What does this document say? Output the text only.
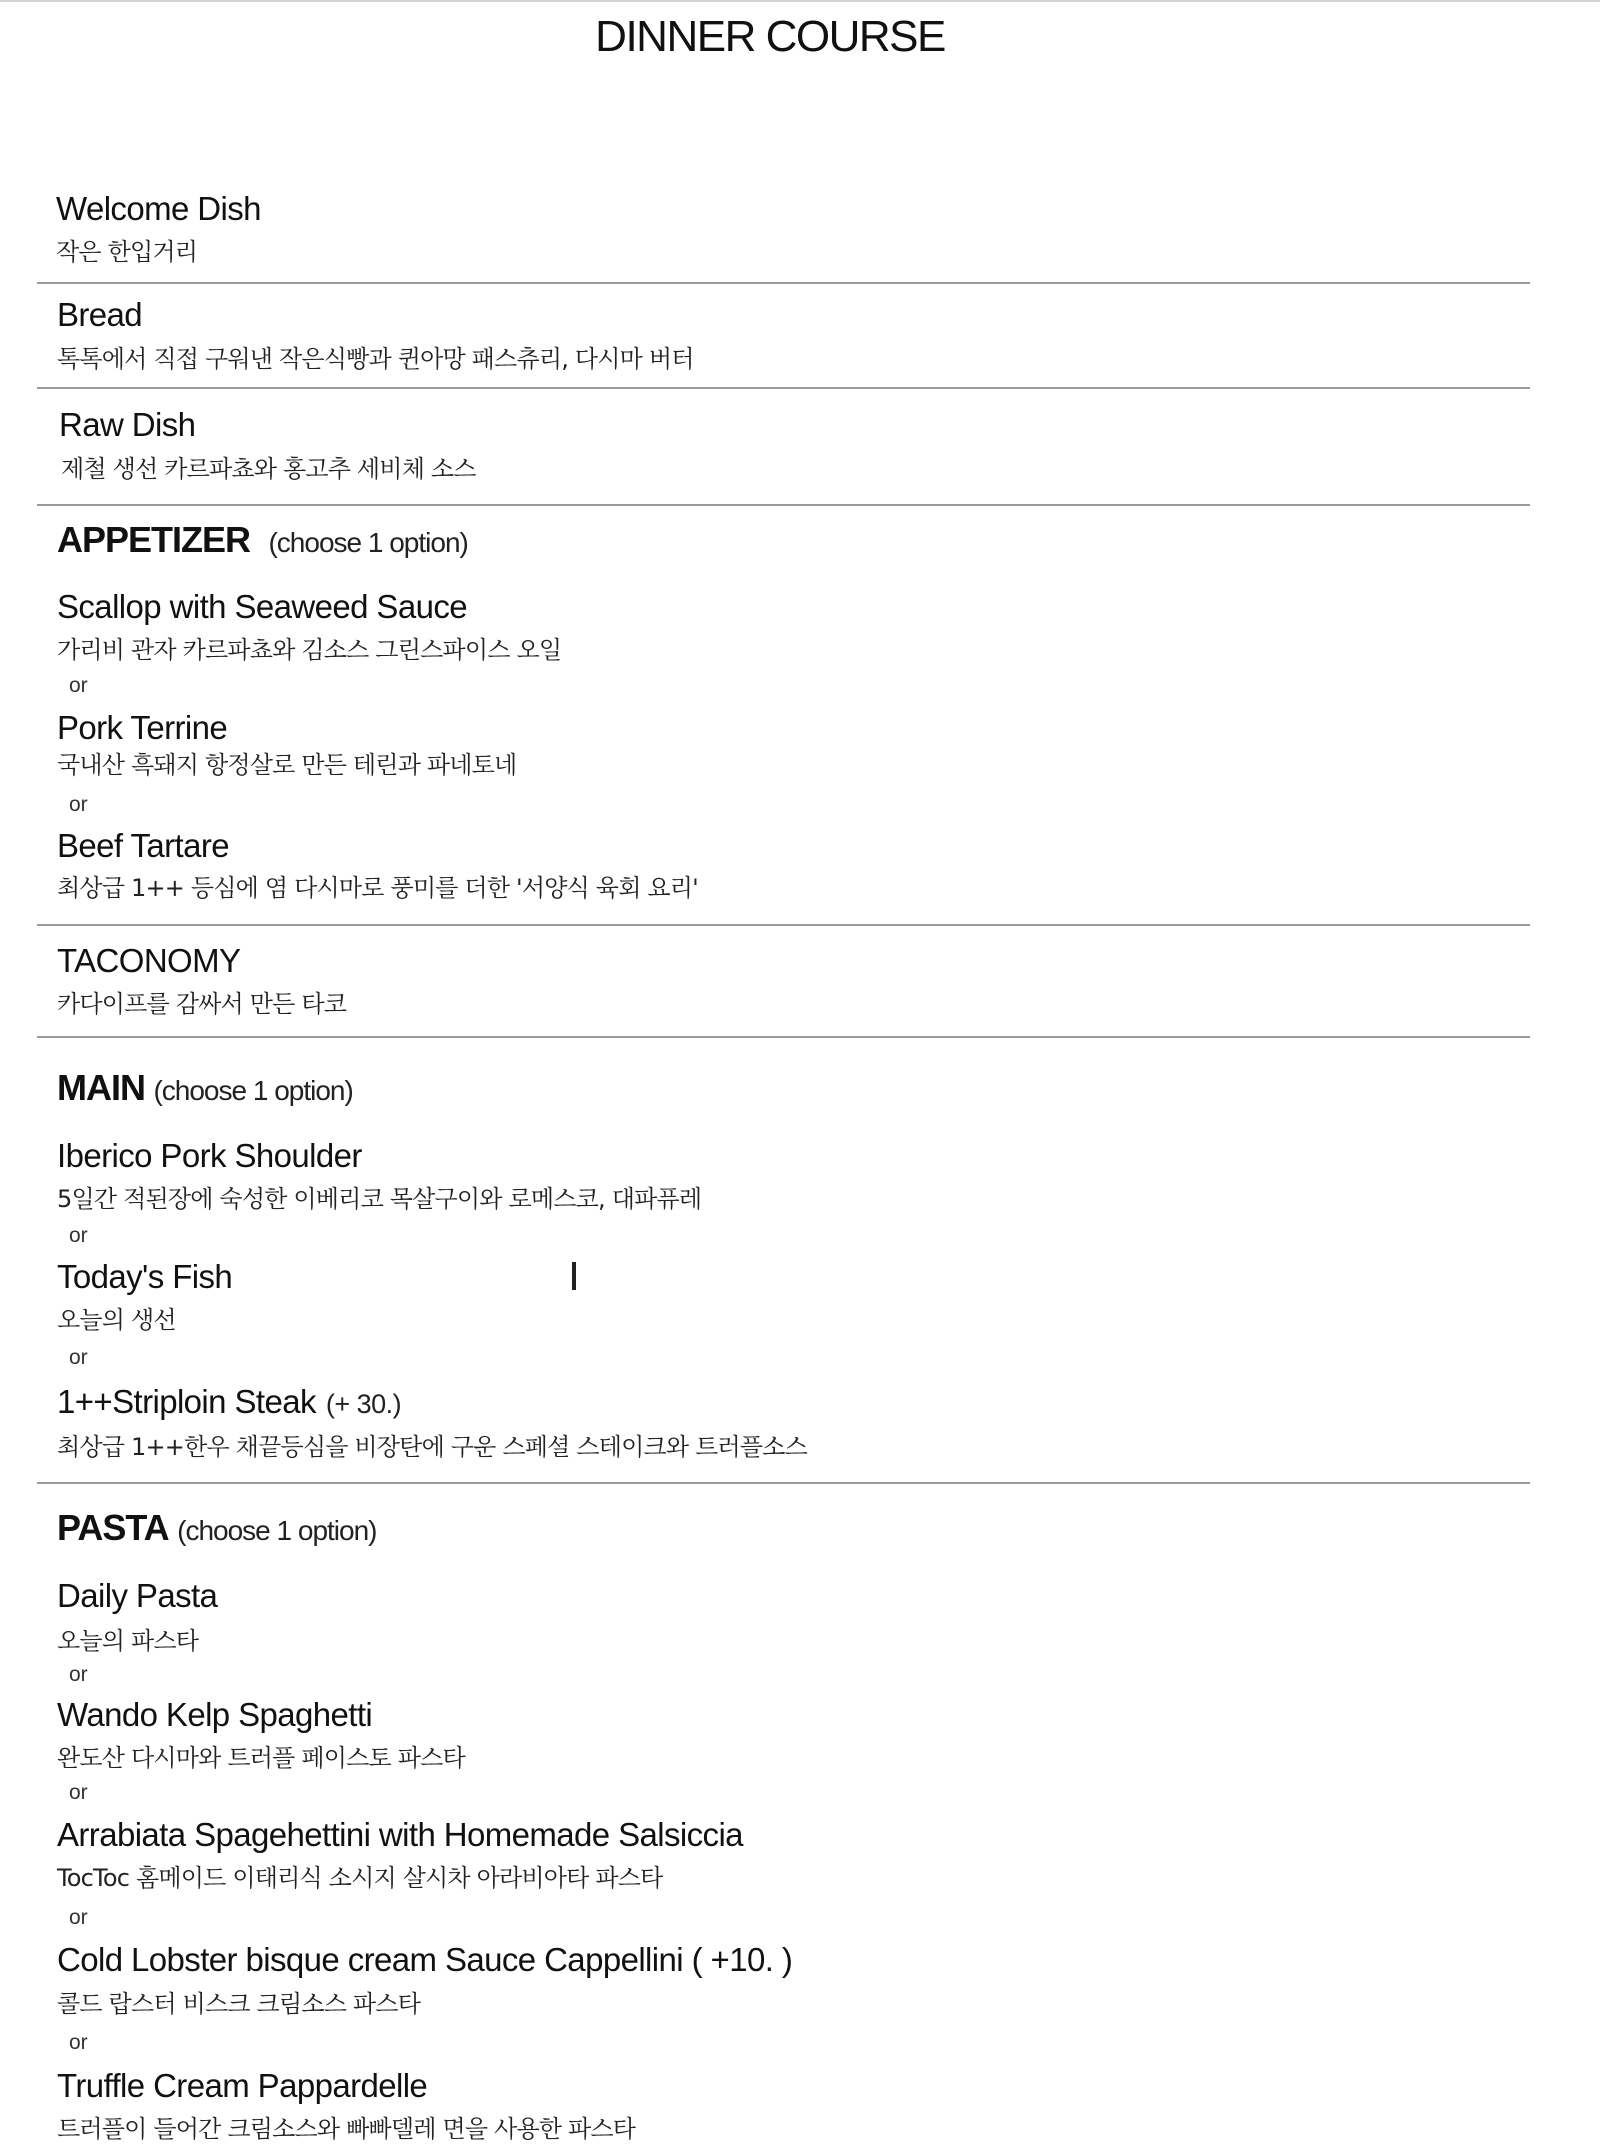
DINNER COURSE
Welcome Dish
작은 한입거리
Bread
톡톡에서 직접 구워낸 작은식빵과 퀸아망 패스츄리, 다시마 버터
Raw Dish
제철 생선 카르파쵸와 홍고추 세비체 소스
APPETIZER (choose 1 option)
Scallop with Seaweed Sauce
가리비 관자 카르파쵸와 김소스 그린스파이스 오일
or
Pork Terrine
국내산 흑돼지 항정살로 만든 테린과 파네토네
or
Beef Tartare
최상급 1++ 등심에 염 다시마로 풍미를 더한 '서양식 육회 요리'
TACONOMY
카다이프를 감싸서 만든 타코
MAIN (choose 1 option)
Iberico Pork Shoulder
5일간 적된장에 숙성한 이베리코 목살구이와 로메스코, 대파퓨레
or
Today's Fish
오늘의 생선
or
1++Striploin Steak (+ 30.)
최상급 1++한우 채끝등심을 비장탄에 구운 스페셜 스테이크와 트러플소스
PASTA (choose 1 option)
Daily Pasta
오늘의 파스타
or
Wando Kelp Spaghetti
완도산 다시마와 트러플 페이스토 파스타
or
Arrabiata Spagehettini with Homemade Salsiccia
TocToc 홈메이드 이태리식 소시지 살시차 아라비아타 파스타
or
Cold Lobster bisque cream Sauce Cappellini ( +10. )
콜드 랍스터 비스크 크림소스 파스타
or
Truffle Cream Pappardelle
트러플이 들어간 크림소스와 빠빠델레 면을 사용한 파스타
